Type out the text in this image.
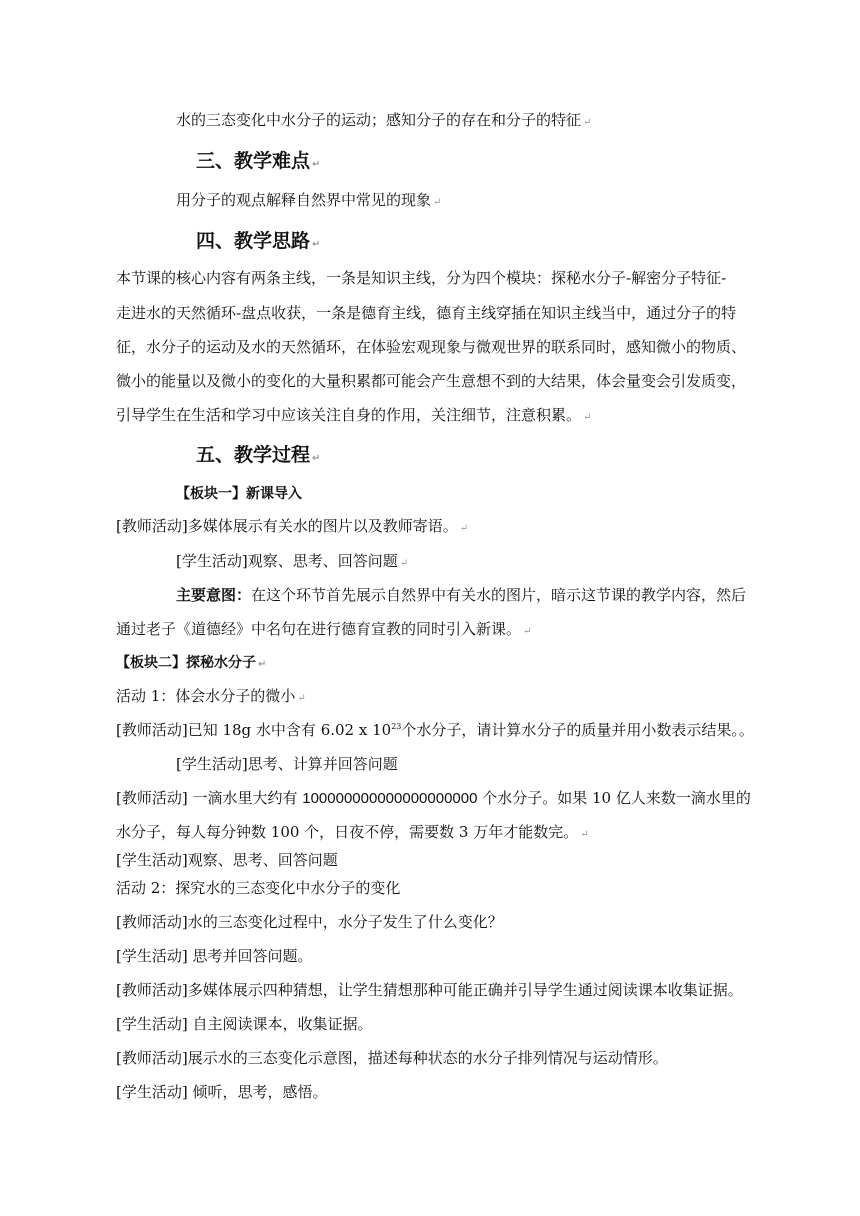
水的三态变化中水分子的运动；感知分子的存在和分子的特征 ↵
三、教学难点 ↵
用分子的观点解释自然界中常见的现象 ↵
四、教学思路 ↵
本节课的核心内容有两条主线，一条是知识主线，分为四个模块：探秘水分子-解密分子特征-
走进水的天然循环-盘点收获，一条是德育主线，德育主线穿插在知识主线当中，通过分子的特
征，水分子的运动及水的天然循环，在体验宏观现象与微观世界的联系同时，感知微小的物质、
微小的能量以及微小的变化的大量积累都可能会产生意想不到的大结果，体会量变会引发质变，
引导学生在生活和学习中应该关注自身的作用，关注细节，注意积累。 ↵
五、教学过程 ↵
【板块一】新课导入
[教师活动]多媒体展示有关水的图片以及教师寄语。 ↵
[学生活动]观察、思考、回答问题 ↵
主要意图：在这个环节首先展示自然界中有关水的图片，暗示这节课的教学内容，然后
通过老子《道德经》中名句在进行德育宣教的同时引入新课。 ↵
【板块二】探秘水分子 ↵
活动 1：体会水分子的微小 ↵
[教师活动]已知 18g 水中含有 6.02 x $10^{23}$个水分子，请计算水分子的质量并用小数表示结果。。
[学生活动]思考、计算并回答问题
[教师活动] 一滴水里大约有 100000000000000000000 个水分子。如果 10 亿人来数一滴水里的
水分子，每人每分钟数 100 个，日夜不停，需要数 3 万年才能数完。 ↵
[学生活动]观察、思考、回答问题
活动 2：探究水的三态变化中水分子的变化
[教师活动]水的三态变化过程中，水分子发生了什么变化？
[学生活动] 思考并回答问题。
[教师活动]多媒体展示四种猜想，让学生猜想那种可能正确并引导学生通过阅读课本收集证据。
[学生活动] 自主阅读课本，收集证据。
[教师活动]展示水的三态变化示意图，描述每种状态的水分子排列情况与运动情形。
[学生活动] 倾听，思考，感悟。
